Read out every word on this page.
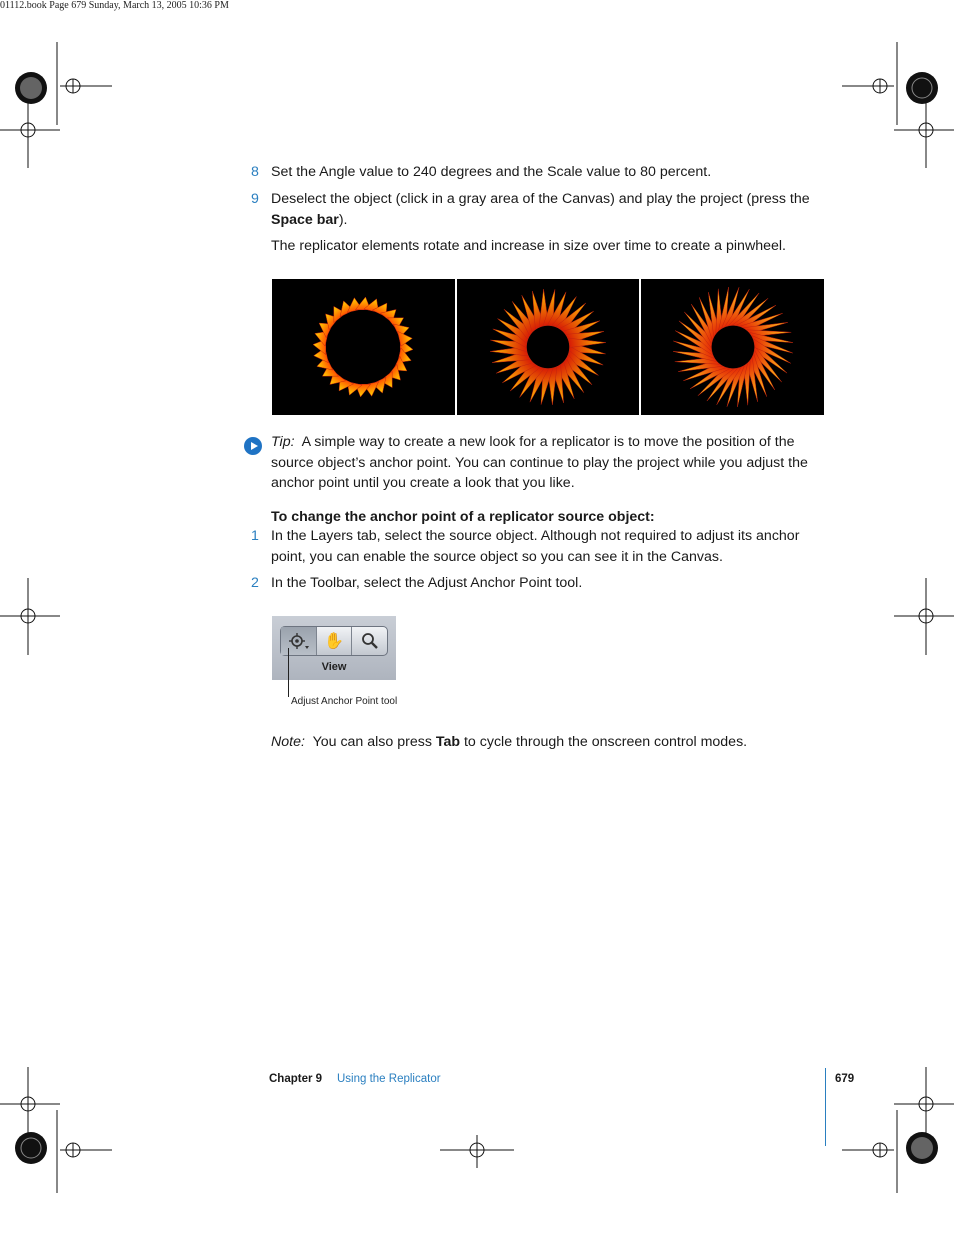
01112.book Page 679 Sunday, March 13, 2005 10:36 PM
8 Set the Angle value to 240 degrees and the Scale value to 80 percent.
9 Deselect the object (click in a gray area of the Canvas) and play the project (press the Space bar).
The replicator elements rotate and increase in size over time to create a pinwheel.
Tip: A simple way to create a new look for a replicator is to move the position of the source object’s anchor point. You can continue to play the project while you adjust the anchor point until you create a look that you like.
To change the anchor point of a replicator source object:
1 In the Layers tab, select the source object. Although not required to adjust its anchor point, you can enable the source object so you can see it in the Canvas.
2 In the Toolbar, select the Adjust Anchor Point tool.
✋
View
Adjust Anchor Point tool
Note: You can also press Tab to cycle through the onscreen control modes.
Chapter 9 Using the Replicator	679
